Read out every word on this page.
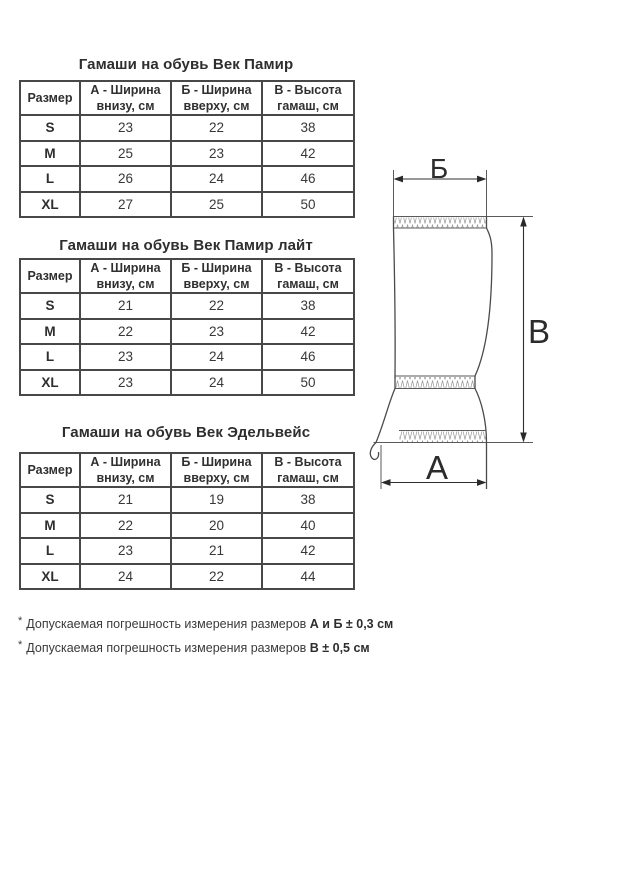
Гамаши на обувь Век Памир
Размер	А - Ширина внизу, см	Б - Ширина вверху, см	В - Высота гамаш, см
S	23	22	38
M	25	23	42
L	26	24	46
XL	27	25	50
Гамаши на обувь Век Памир лайт
Размер	А - Ширина внизу, см	Б - Ширина вверху, см	В - Высота гамаш, см
S	21	22	38
M	22	23	42
L	23	24	46
XL	23	24	50
Гамаши на обувь Век Эдельвейс
Размер	А - Ширина внизу, см	Б - Ширина вверху, см	В - Высота гамаш, см
S	21	19	38
M	22	20	40
L	23	21	42
XL	24	22	44
* Допускаемая погрешность измерения размеров А и Б ± 0,3 см
* Допускаемая погрешность измерения размеров В ± 0,5 см
Б
В
А
